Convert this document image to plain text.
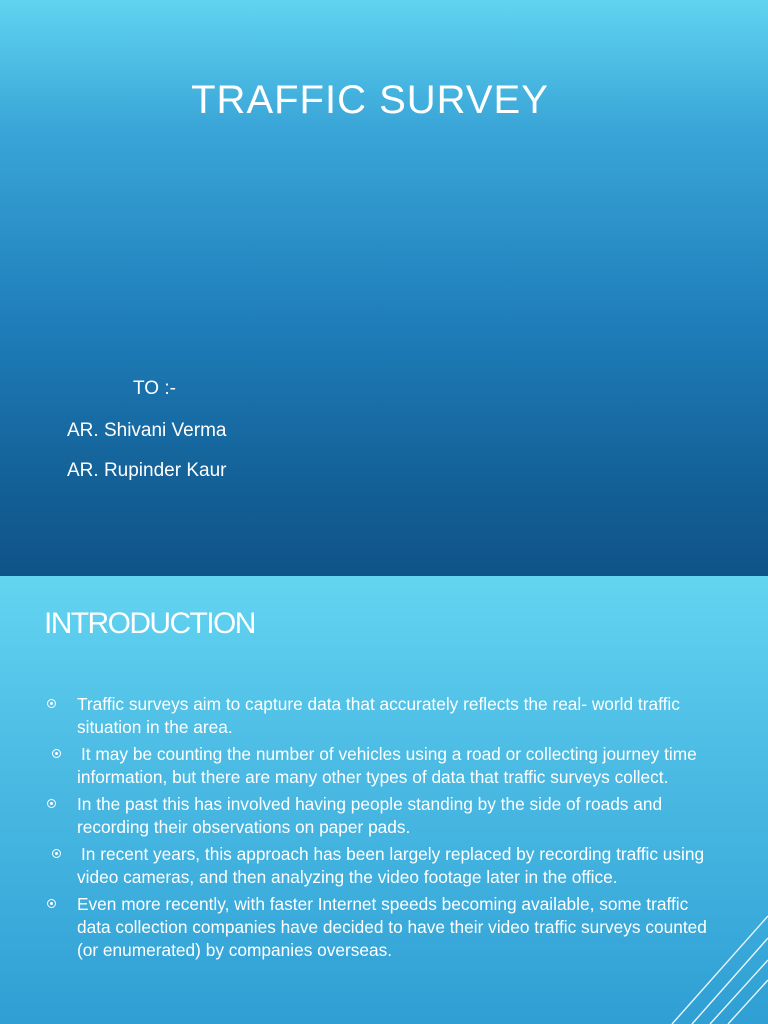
TRAFFIC SURVEY
TO :-
AR. Shivani Verma
AR. Rupinder Kaur
INTRODUCTION
Traffic surveys aim to capture data that accurately reflects the real- world traffic situation in the area.
It may be counting the number of vehicles using a road or collecting journey time information, but there are many other types of data that traffic surveys collect.
In the past this has involved having people standing by the side of roads and recording their observations on paper pads.
In recent years, this approach has been largely replaced by recording traffic using video cameras, and then analyzing the video footage later in the office.
Even more recently, with faster Internet speeds becoming available, some traffic data collection companies have decided to have their video traffic surveys counted (or enumerated) by companies overseas.
